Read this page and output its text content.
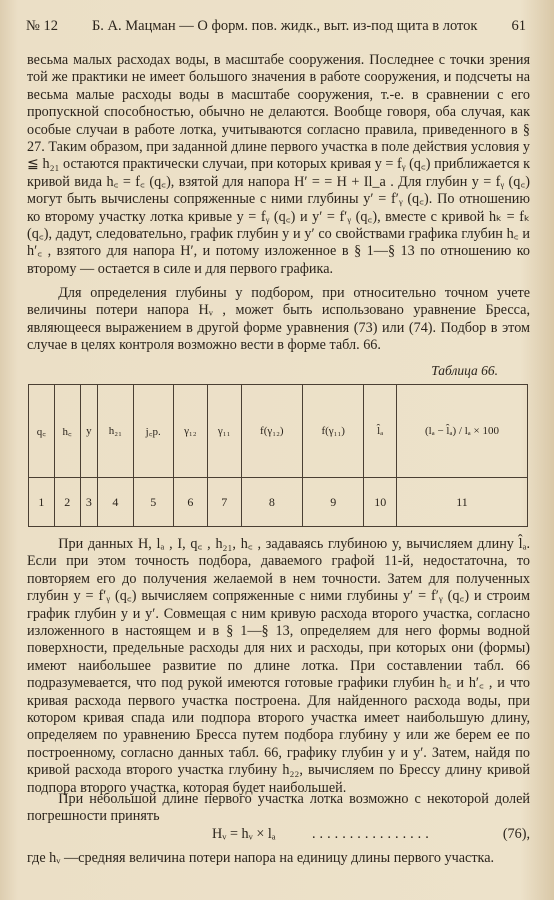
№ 12 Б. А. Мацман — О форм. пов. жидк., выт. из-под щита в лоток 61

весьма малых расходах воды, в масштабе сооружения. Последнее с точки зрения той же практики не имеет большого значения в работе сооружения, и подсчеты на весьма малые расходы воды в масштабе сооружения, т.-е. в сравнении с его пропускной способностью, обычно не делаются. Вообще говоря, оба случая, как особые случаи в работе лотка, учитываются согласно правила, приведенного в § 27. Таким образом, при заданной длине первого участка в поле действия условия y ≦ h₂₁ остаются практически случаи, при которых кривая y = fᵧ (q꜀) приближается к кривой вида h꜀ = f꜀ (q꜀), взятой для напора H′ = = H + Il_a . Для глубин y = fᵧ (q꜀) могут быть вычислены сопряженные с ними глубины y′ = f′ᵧ (q꜀). По отношению ко второму участку лотка кривые y = fᵧ (q꜀) и y′ = f′ᵧ (q꜀), вместе с кривой hₖ = fₖ (q꜀), дадут, следовательно, график глубин y и y′ со свойствами графика глубин h꜀ и h′꜀ , взятого для напора H′, и потому изложенное в § 1—§ 13 по отношению ко второму — остается в силе и для первого графика.

Для определения глубины y подбором, при относительно точном учете величины потери напора Hᵥ , может быть использовано уравнение Бресса, являющееся выражением в другой форме уравнения (73) или (74). Подбор в этом случае в целях контроля возможно вести в форме табл. 66.

Таблица 66.
q꜀	h꜀	y	h₂₁	j꜀p.	γ₁₂	γ₁₁	f(γ₁₂)	f(γ₁₁)	l̂ₐ	(lₐ − l̂ₐ) / lₐ × 100
1	2	3	4	5	6	7	8	9	10	11

При данных H, lₐ , I, q꜀ , h₂₁, h꜀ , задаваясь глубиною y, вычисляем длину l̂ₐ. Если при этом точность подбора, даваемого графой 11-й, недостаточна, то повторяем его до получения желаемой в нем точности. Затем для полученных глубин y = f′ᵧ (q꜀) вычисляем сопряженные с ними глубины y′ = f′ᵧ (q꜀) и строим график глубин y и y′. Совмещая с ним кривую расхода второго участка, согласно изложенного в настоящем и в § 1—§ 13, определяем для него формы водной поверхности, предельные расходы для них и расходы, при которых они (формы) имеют наибольшее развитие по длине лотка. При составлении табл. 66 подразумевается, что под рукой имеются готовые графики глубин h꜀ и h′꜀ , и что кривая расхода первого участка построена. Для найденного расхода воды, при котором кривая спада или подпора второго участка имеет наибольшую длину, определяем по уравнению Бресса путем подбора глубину y или же берем ее по построенному, согласно данных табл. 66, графику глубин y и y′. Затем, найдя по кривой расхода второго участка глубину h₂₂, вычисляем по Брессу длину кривой подпора второго участка, которая будет наибольшей.

При небольшой длине первого участка лотка возможно с некоторой долей погрешности принять

Hᵥ = hᵥ × lₐ	................	(76),

где hᵥ —средняя величина потери напора на единицу длины первого участка.
